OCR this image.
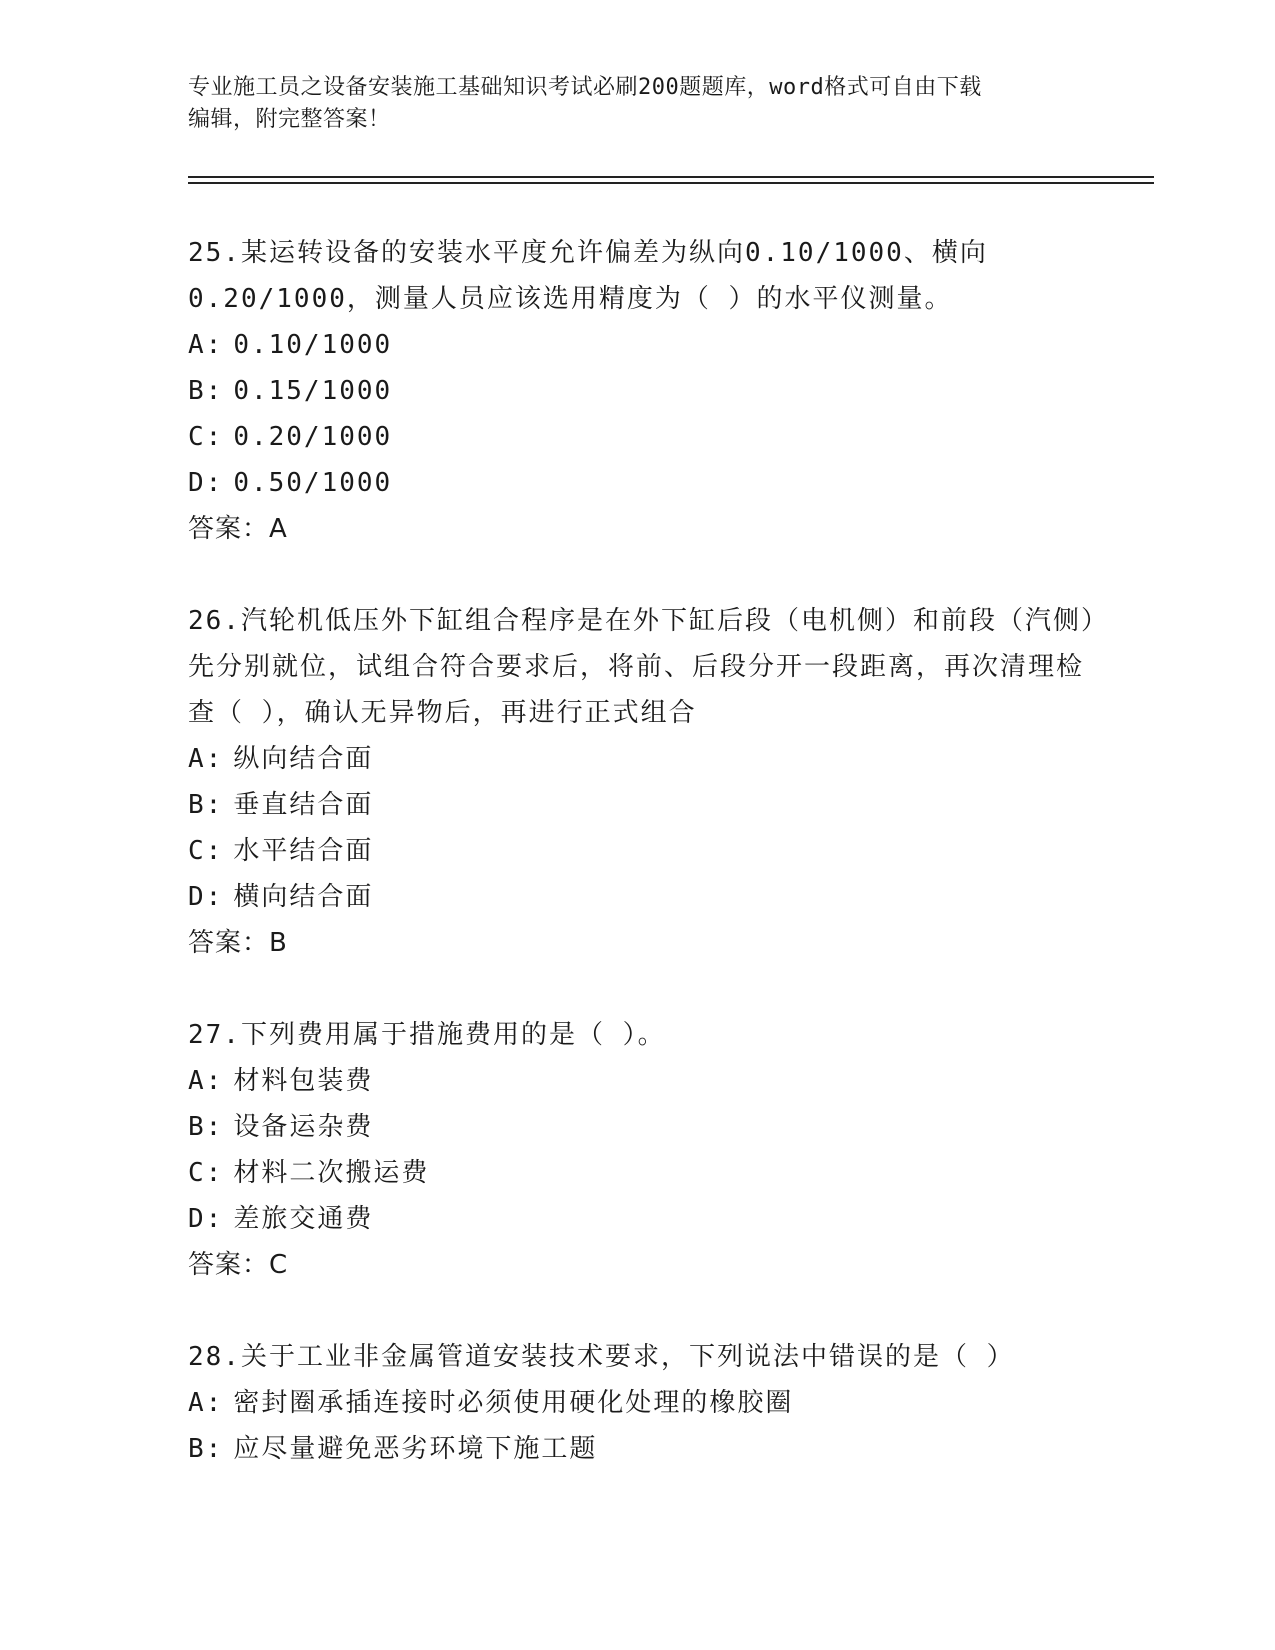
专业施工员之设备安装施工基础知识考试必刷200题题库，word格式可自由下载
编辑，附完整答案！

25.某运转设备的安装水平度允许偏差为纵向0.10/1000、横向0.20/1000，测量人员应该选用精度为（ ）的水平仪测量。

A: 0.10/1000

B: 0.15/1000

C: 0.20/1000

D: 0.50/1000

答案：A

26.汽轮机低压外下缸组合程序是在外下缸后段（电机侧）和前段（汽侧）先分别就位，试组合符合要求后，将前、后段分开一段距离，再次清理检查（ ），确认无异物后，再进行正式组合

A: 纵向结合面

B: 垂直结合面

C: 水平结合面

D: 横向结合面

答案：B

27.下列费用属于措施费用的是（ ）。

A: 材料包装费

B: 设备运杂费

C: 材料二次搬运费

D: 差旅交通费

答案：C

28.关于工业非金属管道安装技术要求，下列说法中错误的是（ ）

A: 密封圈承插连接时必须使用硬化处理的橡胶圈

B: 应尽量避免恶劣环境下施工题
